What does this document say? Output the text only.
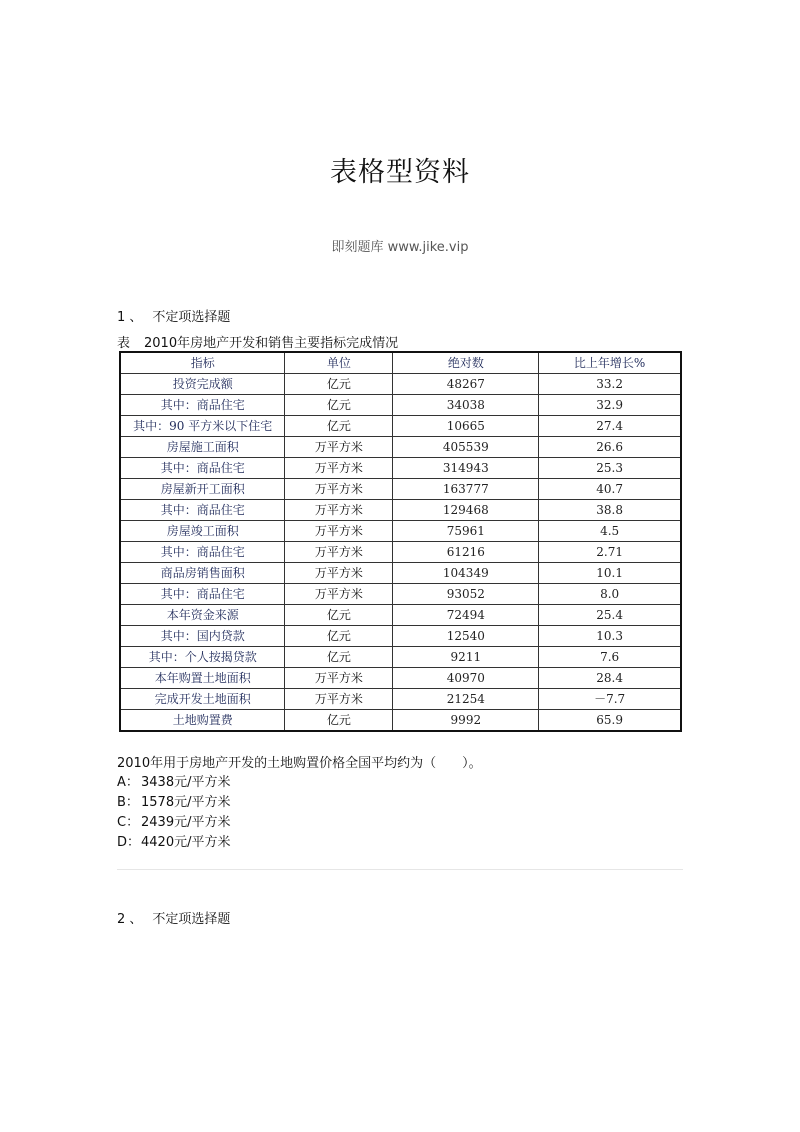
表格型资料
即刻题库 www.jike.vip
1 、 不定项选择题
表 2010年房地产开发和销售主要指标完成情况
指标	单位	绝对数	比上年增长%
投资完成额	亿元	48267	33.2
其中：商品住宅	亿元	34038	32.9
其中：90 平方米以下住宅	亿元	10665	27.4
房屋施工面积	万平方米	405539	26.6
其中：商品住宅	万平方米	314943	25.3
房屋新开工面积	万平方米	163777	40.7
其中：商品住宅	万平方米	129468	38.8
房屋竣工面积	万平方米	75961	4.5
其中：商品住宅	万平方米	61216	2.71
商品房销售面积	万平方米	104349	10.1
其中：商品住宅	万平方米	93052	8.0
本年资金来源	亿元	72494	25.4
其中：国内贷款	亿元	12540	10.3
其中：个人按揭贷款	亿元	9211	7.6
本年购置土地面积	万平方米	40970	28.4
完成开发土地面积	万平方米	21254	－7.7
土地购置费	亿元	9992	65.9
2010年用于房地产开发的土地购置价格全国平均约为（　　）。
A： 3438元/平方米
B： 1578元/平方米
C： 2439元/平方米
D：4420元/平方米
2 、 不定项选择题
